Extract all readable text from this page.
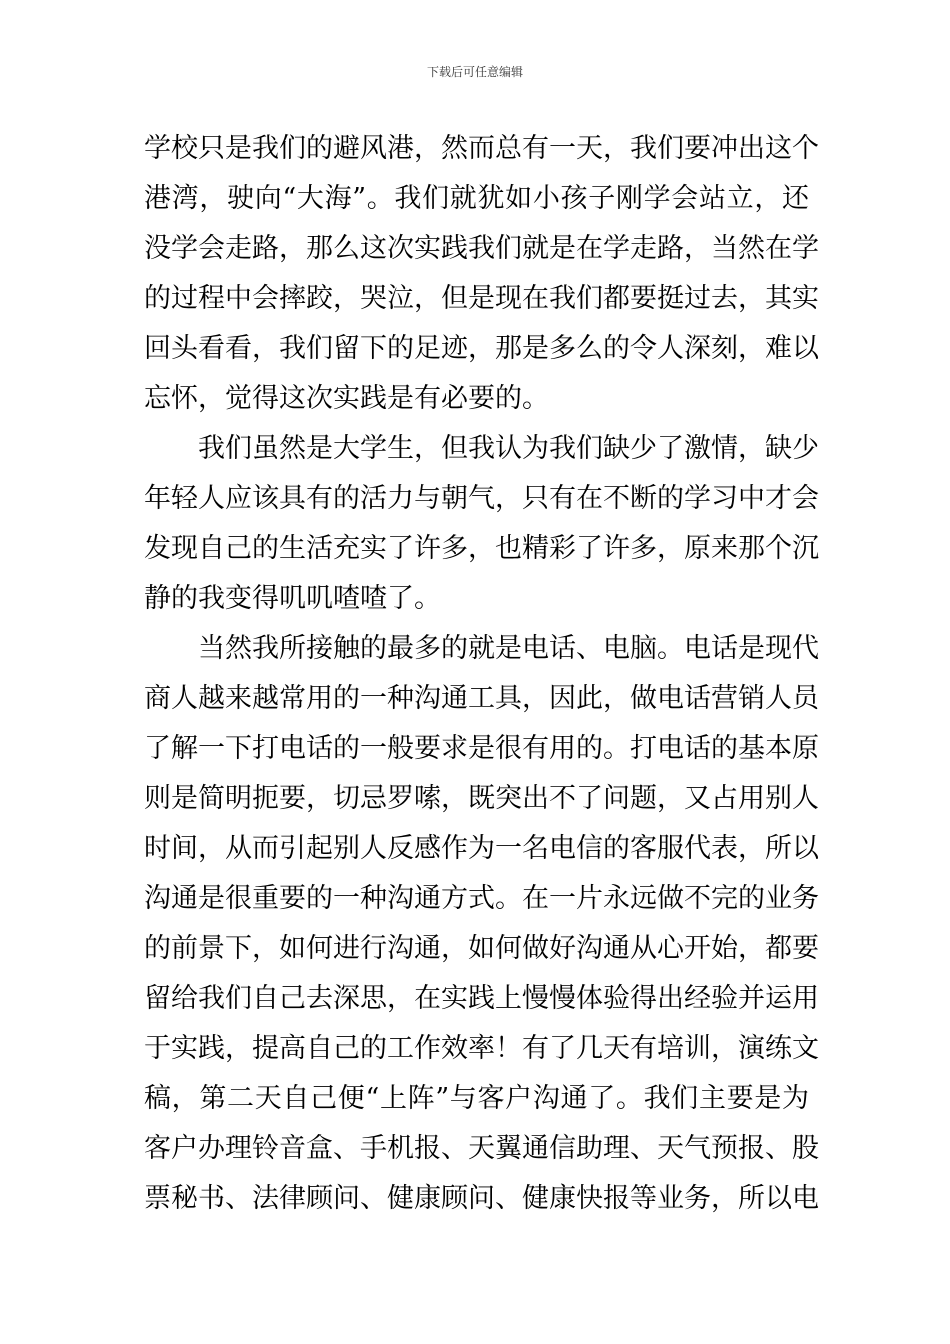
下载后可任意编辑
学校只是我们的避风港，然而总有一天，我们要冲出这个
港湾，驶向“大海”。我们就犹如小孩子刚学会站立，还
没学会走路，那么这次实践我们就是在学走路，当然在学
的过程中会摔跤，哭泣，但是现在我们都要挺过去，其实
回头看看，我们留下的足迹，那是多么的令人深刻，难以
忘怀，觉得这次实践是有必要的。
我们虽然是大学生，但我认为我们缺少了激情，缺少
年轻人应该具有的活力与朝气，只有在不断的学习中才会
发现自己的生活充实了许多，也精彩了许多，原来那个沉
静的我变得叽叽喳喳了。
当然我所接触的最多的就是电话、电脑。电话是现代
商人越来越常用的一种沟通工具，因此，做电话营销人员
了解一下打电话的一般要求是很有用的。打电话的基本原
则是简明扼要，切忌罗嗦，既突出不了问题，又占用别人
时间，从而引起别人反感作为一名电信的客服代表，所以
沟通是很重要的一种沟通方式。在一片永远做不完的业务
的前景下，如何进行沟通，如何做好沟通从心开始，都要
留给我们自己去深思，在实践上慢慢体验得出经验并运用
于实践，提高自己的工作效率！有了几天有培训，演练文
稿，第二天自己便“上阵”与客户沟通了。我们主要是为
客户办理铃音盒、手机报、天翼通信助理、天气预报、股
票秘书、法律顾问、健康顾问、健康快报等业务，所以电
